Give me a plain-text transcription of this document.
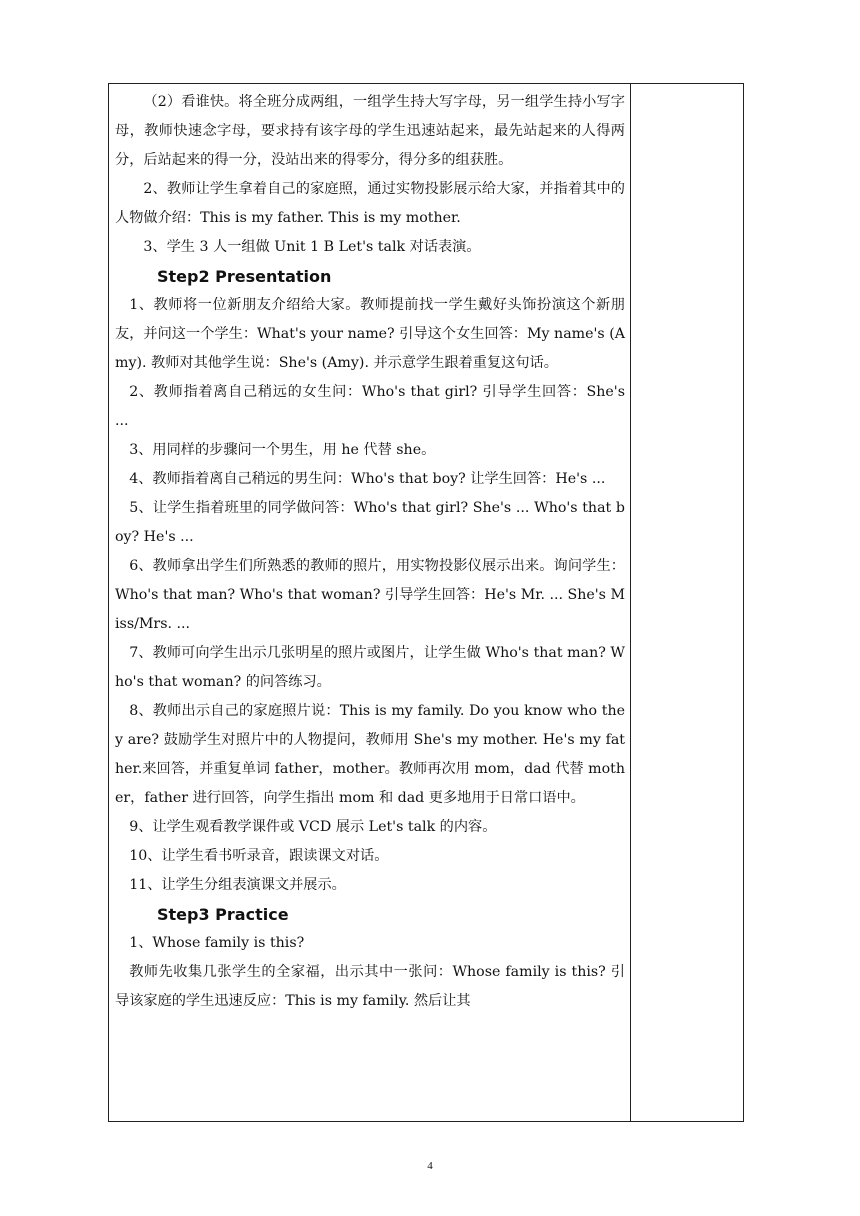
（2）看谁快。将全班分成两组，一组学生持大写字母，另一组学生持小写字母，教师快速念字母，要求持有该字母的学生迅速站起来，最先站起来的人得两分，后站起来的得一分，没站出来的得零分，得分多的组获胜。

2、教师让学生拿着自己的家庭照，通过实物投影展示给大家，并指着其中的人物做介绍：This is my father. This is my mother.

3、学生 3 人一组做 Unit 1 B Let's talk 对话表演。

Step2 Presentation

1、教师将一位新朋友介绍给大家。教师提前找一学生戴好头饰扮演这个新朋友，并问这一个学生：What's your name? 引导这个女生回答：My name's (Amy). 教师对其他学生说：She's (Amy). 并示意学生跟着重复这句话。

2、教师指着离自己稍远的女生问：Who's that girl? 引导学生回答：She's ...

3、用同样的步骤问一个男生，用 he 代替 she。

4、教师指着离自己稍远的男生问：Who's that boy? 让学生回答：He's ...

5、让学生指着班里的同学做问答：Who's that girl? She's ... Who's that boy? He's ...

6、教师拿出学生们所熟悉的教师的照片，用实物投影仪展示出来。询问学生：Who's that man? Who's that woman? 引导学生回答：He's Mr. ... She's Miss/Mrs. ...

7、教师可向学生出示几张明星的照片或图片，让学生做 Who's that man? Who's that woman? 的问答练习。

8、教师出示自己的家庭照片说：This is my family. Do you know who they are? 鼓励学生对照片中的人物提问，教师用 She's my mother. He's my father.来回答，并重复单词 father，mother。教师再次用 mom，dad 代替 mother，father 进行回答，向学生指出 mom 和 dad 更多地用于日常口语中。

9、让学生观看教学课件或 VCD 展示 Let's talk 的内容。

10、让学生看书听录音，跟读课文对话。

11、让学生分组表演课文并展示。

Step3 Practice

1、Whose family is this?

教师先收集几张学生的全家福，出示其中一张问：Whose family is this? 引导该家庭的学生迅速反应：This is my family. 然后让其

4
